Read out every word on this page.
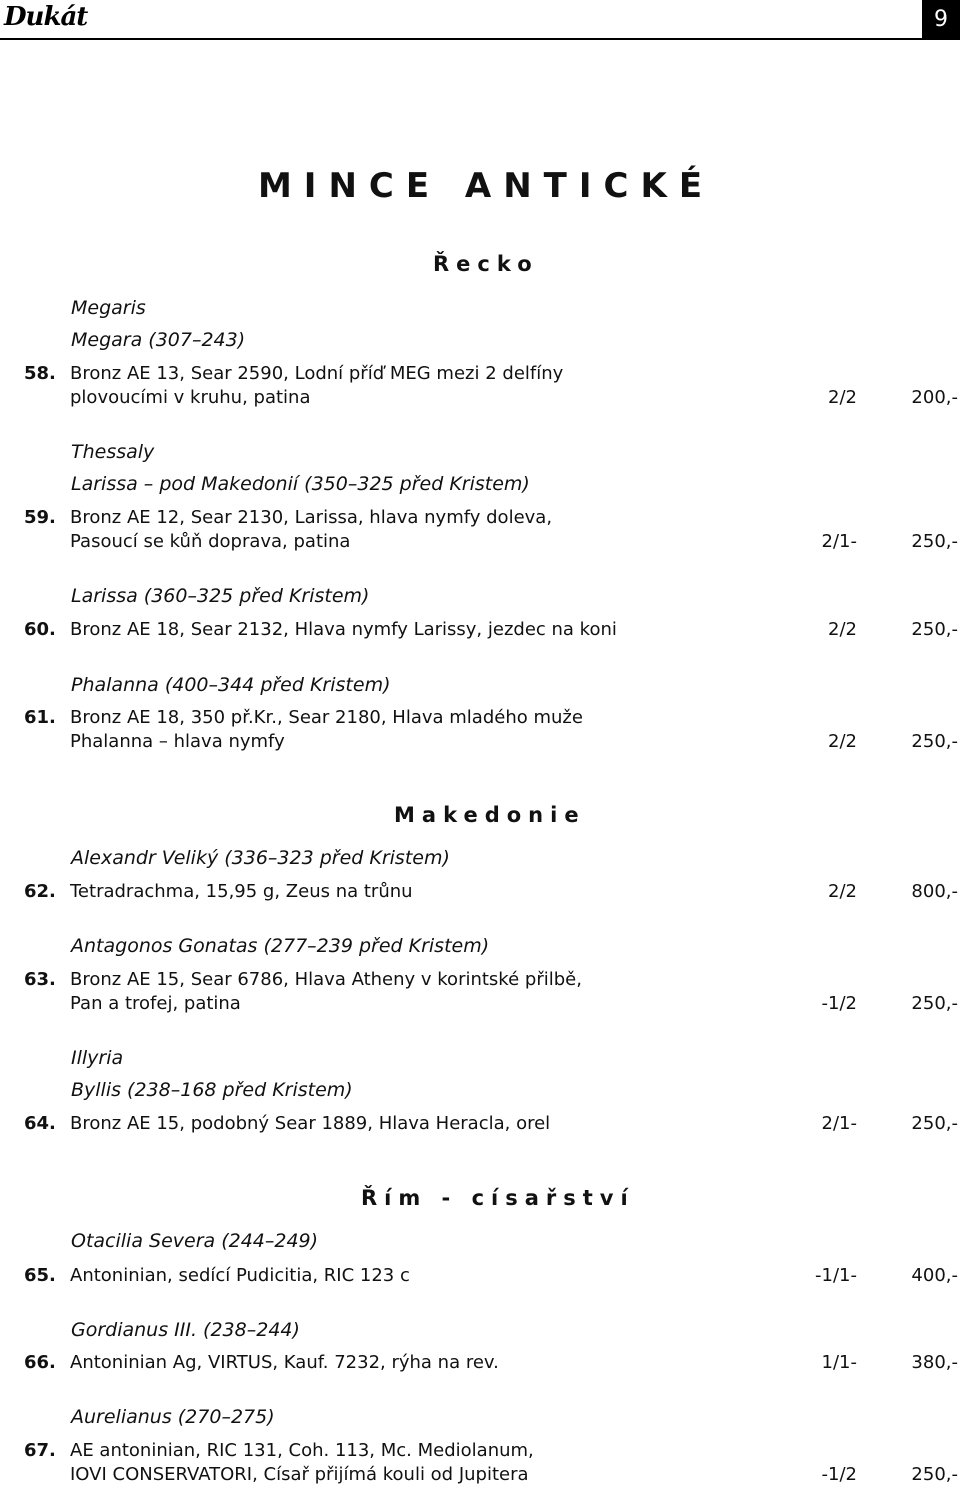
Dukát	9
MINCE ANTICKÉ
Řecko
Megaris
Megara (307–243)
58. Bronz AE 13, Sear 2590, Lodní příď MEG mezi 2 delfíny
plovoucími v kruhu, patina	2/2	200,-
Thessaly
Larissa – pod Makedonií (350–325 před Kristem)
59. Bronz AE 12, Sear 2130, Larissa, hlava nymfy doleva,
Pasoucí se kůň doprava, patina	2/1-	250,-
Larissa (360–325 před Kristem)
60. Bronz AE 18, Sear 2132, Hlava nymfy Larissy, jezdec na koni	2/2	250,-
Phalanna (400–344 před Kristem)
61. Bronz AE 18, 350 př.Kr., Sear 2180, Hlava mladého muže
Phalanna – hlava nymfy	2/2	250,-
Makedonie
Alexandr Veliký (336–323 před Kristem)
62. Tetradrachma, 15,95 g, Zeus na trůnu	2/2	800,-
Antagonos Gonatas (277–239 před Kristem)
63. Bronz AE 15, Sear 6786, Hlava Atheny v korintské přilbě,
Pan a trofej, patina	-1/2	250,-
Illyria
Byllis (238–168 před Kristem)
64. Bronz AE 15, podobný Sear 1889, Hlava Heracla, orel	2/1-	250,-
Řím - císařství
Otacilia Severa (244–249)
65. Antoninian, sedící Pudicitia, RIC 123 c	-1/1-	400,-
Gordianus III. (238–244)
66. Antoninian Ag, VIRTUS, Kauf. 7232, rýha na rev.	1/1-	380,-
Aurelianus (270–275)
67. AE antoninian, RIC 131, Coh. 113, Mc. Mediolanum,
IOVI CONSERVATORI, Císař přijímá kouli od Jupitera	-1/2	250,-
